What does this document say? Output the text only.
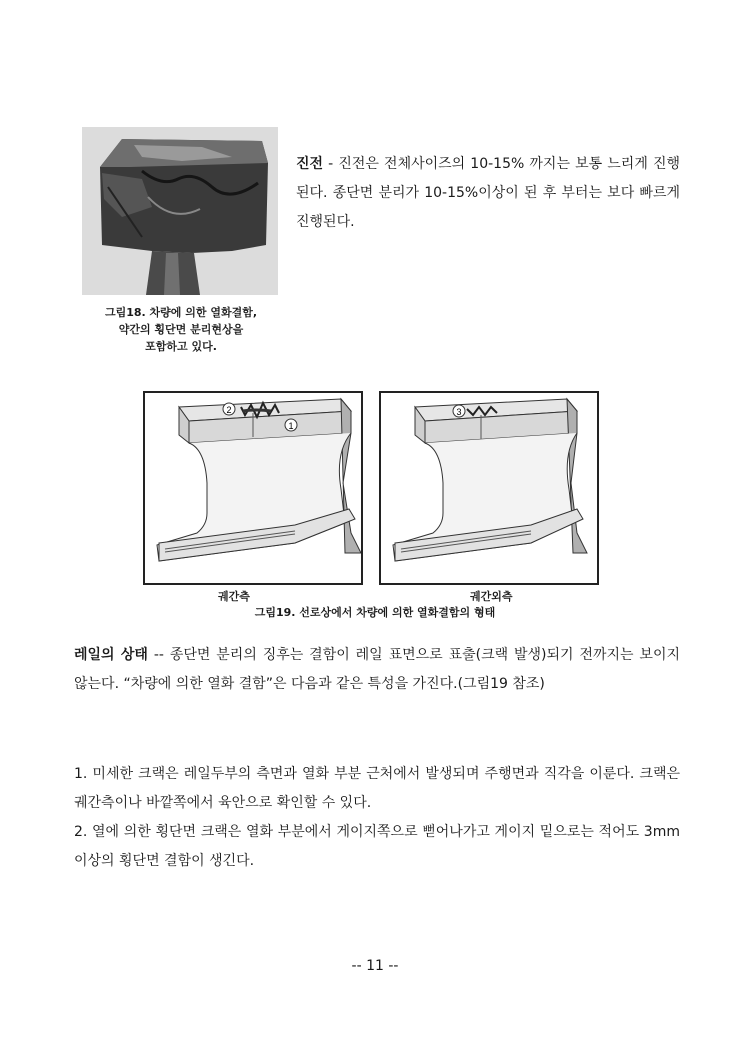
그림18. 차량에 의한 열화결함,
약간의 횡단면 분리현상을
포함하고 있다.
진전 - 진전은 전체사이즈의 10-15% 까지는 보통 느리게 진행된다. 종단면 분리가 10-15%이상이 된 후 부터는 보다 빠르게 진행된다.
2
1
3
궤간측	궤간외측
그림19. 선로상에서 차량에 의한 열화결함의 형태
레일의 상태 -- 종단면 분리의 징후는 결함이 레일 표면으로 표출(크랙 발생)되기 전까지는 보이지 않는다. “차량에 의한 열화 결함”은 다음과 같은 특성을 가진다.(그림19 참조)
1. 미세한 크랙은 레일두부의 측면과 열화 부분 근처에서 발생되며 주행면과 직각을 이룬다. 크랙은 궤간측이나 바깥쪽에서 육안으로 확인할 수 있다.
2. 열에 의한 횡단면 크랙은 열화 부분에서 게이지쪽으로 뻗어나가고 게이지 밑으로는 적어도 3mm이상의 횡단면 결함이 생긴다.
-- 11 --
